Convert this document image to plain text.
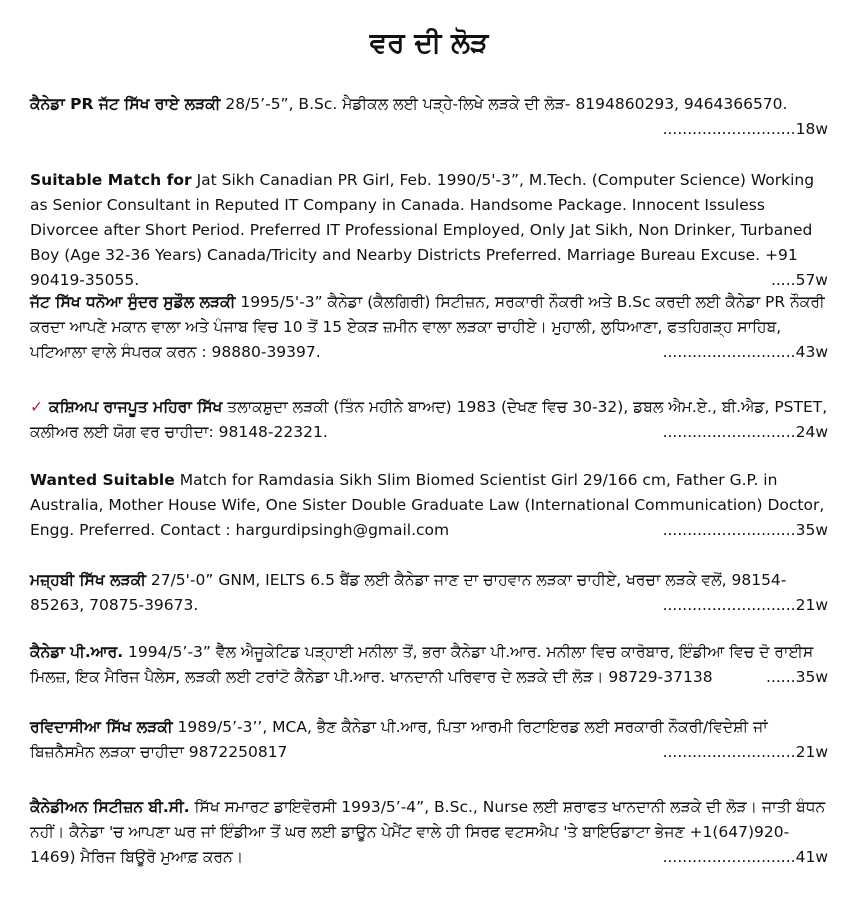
ਵਰ ਦੀ ਲੋੜ

ਕੈਨੇਡਾ PR ਜੱਟ ਸਿੱਖ ਰਾਏ ਲੜਕੀ 28/5’-5”, B.Sc. ਮੈਡੀਕਲ ਲਈ ਪੜ੍ਹੇ-ਲਿਖੇ ਲੜਕੇ ਦੀ ਲੋੜ- 8194860293, 9464366570.
...........................18w

Suitable Match for Jat Sikh Canadian PR Girl, Feb. 1990/5'-3”, M.Tech. (Computer Science) Working as Senior Consultant in Reputed IT Company in Canada. Handsome Package. Innocent Issuless Divorcee after Short Period. Preferred IT Professional Employed, Only Jat Sikh, Non Drinker, Turbaned Boy (Age 32-36 Years) Canada/Tricity and Nearby Districts Preferred. Marriage Bureau Excuse. +91 90419-35055.	.....57w

ਜੱਟ ਸਿੱਖ ਧਨੋਆ ਸੁੰਦਰ ਸੁਡੌਲ ਲੜਕੀ 1995/5'-3” ਕੈਨੇਡਾ (ਕੈਲਗਿਰੀ) ਸਿਟੀਜ਼ਨ, ਸਰਕਾਰੀ ਨੌਕਰੀ ਅਤੇ B.Sc ਕਰਦੀ ਲਈ ਕੈਨੇਡਾ PR ਨੌਕਰੀ ਕਰਦਾ ਆਪਣੇ ਮਕਾਨ ਵਾਲਾ ਅਤੇ ਪੰਜਾਬ ਵਿਚ 10 ਤੋਂ 15 ਏਕੜ ਜ਼ਮੀਨ ਵਾਲਾ ਲੜਕਾ ਚਾਹੀਏ। ਮੁਹਾਲੀ, ਲੁਧਿਆਣਾ, ਫਤਹਿਗੜ੍ਹ ਸਾਹਿਬ, ਪਟਿਆਲਾ ਵਾਲੇ ਸੰਪਰਕ ਕਰਨ : 98880-39397.	...........................43w

✓ ਕਸ਼ਿਅਪ ਰਾਜਪੂਤ ਮਹਿਰਾ ਸਿੱਖ ਤਲਾਕਸ਼ੁਦਾ ਲੜਕੀ (ਤਿੰਨ ਮਹੀਨੇ ਬਾਅਦ) 1983 (ਦੇਖਣ ਵਿਚ 30-32), ਡਬਲ ਐਮ.ਏ., ਬੀ.ਐਡ, PSTET, ਕਲੀਅਰ ਲਈ ਯੋਗ ਵਰ ਚਾਹੀਦਾ: 98148-22321.	...........................24w

Wanted Suitable Match for Ramdasia Sikh Slim Biomed Scientist Girl 29/166 cm, Father G.P. in Australia, Mother House Wife, One Sister Double Graduate Law (International Communication) Doctor, Engg. Preferred. Contact : hargurdipsingh@gmail.com	...........................35w

ਮਜ਼੍ਹਬੀ ਸਿੱਖ ਲੜਕੀ 27/5'-0” GNM, IELTS 6.5 ਬੈਂਡ ਲਈ ਕੈਨੇਡਾ ਜਾਣ ਦਾ ਚਾਹਵਾਨ ਲੜਕਾ ਚਾਹੀਏ, ਖਰਚਾ ਲੜਕੇ ਵਲੋਂ, 98154-85263, 70875-39673.	...........................21w

ਕੈਨੇਡਾ ਪੀ.ਆਰ. 1994/5’-3” ਵੈੱਲ ਐਜੂਕੇਟਿਡ ਪੜ੍ਹਾਈ ਮਨੀਲਾ ਤੋਂ, ਭਰਾ ਕੈਨੇਡਾ ਪੀ.ਆਰ. ਮਨੀਲਾ ਵਿਚ ਕਾਰੋਬਾਰ, ਇੰਡੀਆ ਵਿਚ ਦੋ ਰਾਈਸ ਮਿਲਜ਼, ਇਕ ਮੈਰਿਜ ਪੈਲੇਸ, ਲੜਕੀ ਲਈ ਟਰਾਂਟੋ ਕੈਨੇਡਾ ਪੀ.ਆਰ. ਖਾਨਦਾਨੀ ਪਰਿਵਾਰ ਦੇ ਲੜਕੇ ਦੀ ਲੋੜ। 98729-37138	......35w

ਰਵਿਦਾਸੀਆ ਸਿੱਖ ਲੜਕੀ 1989/5’-3’’, MCA, ਭੈਣ ਕੈਨੇਡਾ ਪੀ.ਆਰ, ਪਿਤਾ ਆਰਮੀ ਰਿਟਾਇਰਡ ਲਈ ਸਰਕਾਰੀ ਨੌਕਰੀ/ਵਿਦੇਸ਼ੀ ਜਾਂ ਬਿਜ਼ਨੈੱਸਮੈਨ ਲੜਕਾ ਚਾਹੀਦਾ 9872250817	...........................21w

ਕੈਨੇਡੀਅਨ ਸਿਟੀਜ਼ਨ ਬੀ.ਸੀ. ਸਿੱਖ ਸਮਾਰਟ ਡਾਇਵੋਰਸੀ 1993/5’-4”, B.Sc., Nurse ਲਈ ਸ਼ਰਾਫਤ ਖਾਨਦਾਨੀ ਲੜਕੇ ਦੀ ਲੋੜ। ਜਾਤੀ ਬੰਧਨ ਨਹੀਂ। ਕੈਨੇਡਾ 'ਚ ਆਪਣਾ ਘਰ ਜਾਂ ਇੰਡੀਆ ਤੋਂ ਘਰ ਲਈ ਡਾਊਨ ਪੇਮੈਂਟ ਵਾਲੇ ਹੀ ਸਿਰਫ ਵਟਸਐਪ 'ਤੇ ਬਾਇਓਡਾਟਾ ਭੇਜਣ +1(647)920-1469) ਮੈਰਿਜ ਬਿਊਰੋ ਮੁਆਫ਼ ਕਰਨ।	...........................41w
